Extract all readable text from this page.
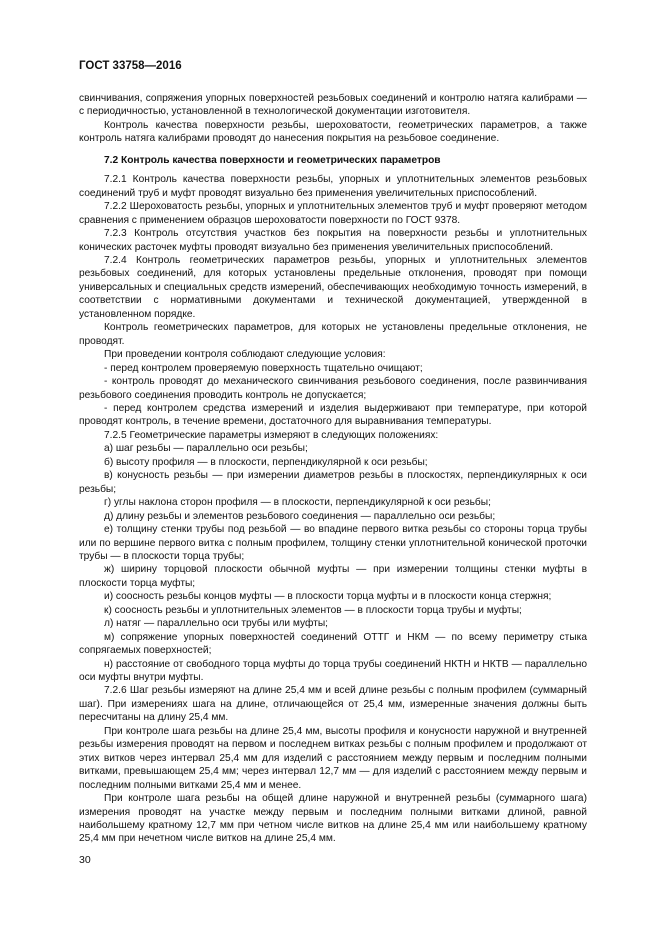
ГОСТ 33758—2016

свинчивания, сопряжения упорных поверхностей резьбовых соединений и контролю натяга калибрами — с периодичностью, установленной в технологической документации изготовителя.

Контроль качества поверхности резьбы, шероховатости, геометрических параметров, а также контроль натяга калибрами проводят до нанесения покрытия на резьбовое соединение.

7.2 Контроль качества поверхности и геометрических параметров

7.2.1 Контроль качества поверхности резьбы, упорных и уплотнительных элементов резьбовых соединений труб и муфт проводят визуально без применения увеличительных приспособлений.

7.2.2 Шероховатость резьбы, упорных и уплотнительных элементов труб и муфт проверяют методом сравнения с применением образцов шероховатости поверхности по ГОСТ 9378.

7.2.3 Контроль отсутствия участков без покрытия на поверхности резьбы и уплотнительных конических расточек муфты проводят визуально без применения увеличительных приспособлений.

7.2.4 Контроль геометрических параметров резьбы, упорных и уплотнительных элементов резьбовых соединений, для которых установлены предельные отклонения, проводят при помощи универсальных и специальных средств измерений, обеспечивающих необходимую точность измерений, в соответствии с нормативными документами и технической документацией, утвержденной в установленном порядке.

Контроль геометрических параметров, для которых не установлены предельные отклонения, не проводят.

При проведении контроля соблюдают следующие условия:

- перед контролем проверяемую поверхность тщательно очищают;

- контроль проводят до механического свинчивания резьбового соединения, после развинчивания резьбового соединения проводить контроль не допускается;

- перед контролем средства измерений и изделия выдерживают при температуре, при которой проводят контроль, в течение времени, достаточного для выравнивания температуры.

7.2.5 Геометрические параметры измеряют в следующих положениях:

а) шаг резьбы — параллельно оси резьбы;

б) высоту профиля — в плоскости, перпендикулярной к оси резьбы;

в) конусность резьбы — при измерении диаметров резьбы в плоскостях, перпендикулярных к оси резьбы;

г) углы наклона сторон профиля — в плоскости, перпендикулярной к оси резьбы;

д) длину резьбы и элементов резьбового соединения — параллельно оси резьбы;

е) толщину стенки трубы под резьбой — во впадине первого витка резьбы со стороны торца трубы или по вершине первого витка с полным профилем, толщину стенки уплотнительной конической проточки трубы — в плоскости торца трубы;

ж) ширину торцовой плоскости обычной муфты — при измерении толщины стенки муфты в плоскости торца муфты;

и) соосность резьбы концов муфты — в плоскости торца муфты и в плоскости конца стержня;

к) соосность резьбы и уплотнительных элементов — в плоскости торца трубы и муфты;

л) натяг — параллельно оси трубы или муфты;

м) сопряжение упорных поверхностей соединений ОТТГ и НКМ — по всему периметру стыка сопрягаемых поверхностей;

н) расстояние от свободного торца муфты до торца трубы соединений НКТН и НКТВ — параллельно оси муфты внутри муфты.

7.2.6 Шаг резьбы измеряют на длине 25,4 мм и всей длине резьбы с полным профилем (суммарный шаг). При измерениях шага на длине, отличающейся от 25,4 мм, измеренные значения должны быть пересчитаны на длину 25,4 мм.

При контроле шага резьбы на длине 25,4 мм, высоты профиля и конусности наружной и внутренней резьбы измерения проводят на первом и последнем витках резьбы с полным профилем и продолжают от этих витков через интервал 25,4 мм для изделий с расстоянием между первым и последним полными витками, превышающем 25,4 мм; через интервал 12,7 мм — для изделий с расстоянием между первым и последним полными витками 25,4 мм и менее.

При контроле шага резьбы на общей длине наружной и внутренней резьбы (суммарного шага) измерения проводят на участке между первым и последним полными витками длиной, равной наибольшему кратному 12,7 мм при четном числе витков на длине 25,4 мм или наибольшему кратному 25,4 мм при нечетном числе витков на длине 25,4 мм.

30
